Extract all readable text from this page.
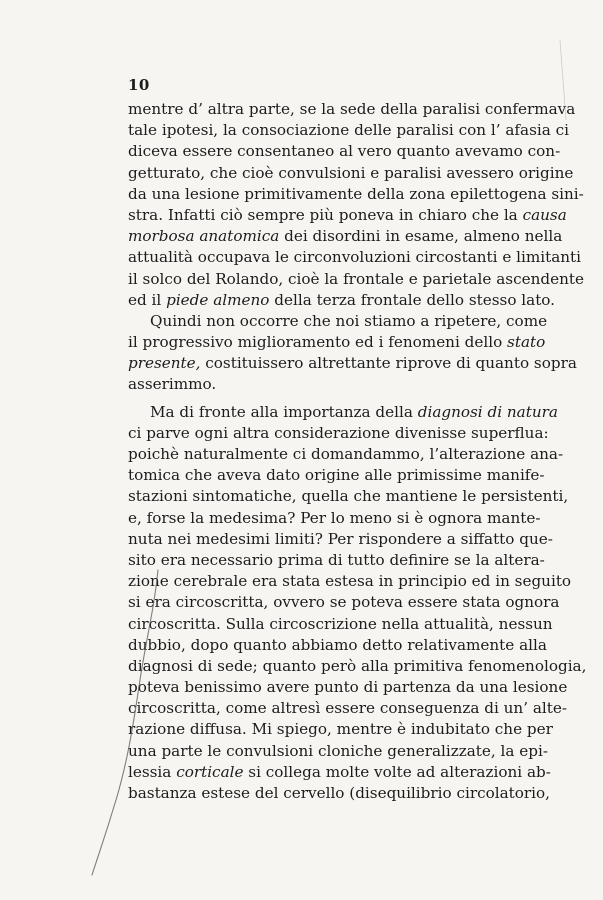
10
mentre d’ altra parte, se la sede della paralisi confermava
tale ipotesi, la consociazione delle paralisi con l’ afasia ci
diceva essere consentaneo al vero quanto avevamo con-
getturato, che cioè convulsioni e paralisi avessero origine
da una lesione primitivamente della zona epilettogena sini-
stra. Infatti ciò sempre più poneva in chiaro che la causa
morbosa anatomica dei disordini in esame, almeno nella
attualità occupava le circonvoluzioni circostanti e limitanti
il solco del Rolando, cioè la frontale e parietale ascendente
ed il piede almeno della terza frontale dello stesso lato.
Quindi non occorre che noi stiamo a ripetere, come
il progressivo miglioramento ed i fenomeni dello stato
presente, costituissero altrettante riprove di quanto sopra
asserimmo.
Ma di fronte alla importanza della diagnosi di natura
ci parve ogni altra considerazione divenisse superflua:
poichè naturalmente ci domandammo, l’alterazione ana-
tomica che aveva dato origine alle primissime manife-
stazioni sintomatiche, quella che mantiene le persistenti,
e, forse la medesima? Per lo meno si è ognora mante-
nuta nei medesimi limiti? Per rispondere a siffatto que-
sito era necessario prima di tutto definire se la altera-
zione cerebrale era stata estesa in principio ed in seguito
si era circoscritta, ovvero se poteva essere stata ognora
circoscritta. Sulla circoscrizione nella attualità, nessun
dubbio, dopo quanto abbiamo detto relativamente alla
diagnosi di sede; quanto però alla primitiva fenomenologia,
poteva benissimo avere punto di partenza da una lesione
circoscritta, come altresì essere conseguenza di un’ alte-
razione diffusa. Mi spiego, mentre è indubitato che per
una parte le convulsioni cloniche generalizzate, la epi-
lessia corticale si collega molte volte ad alterazioni ab-
bastanza estese del cervello (disequilibrio circolatorio,
